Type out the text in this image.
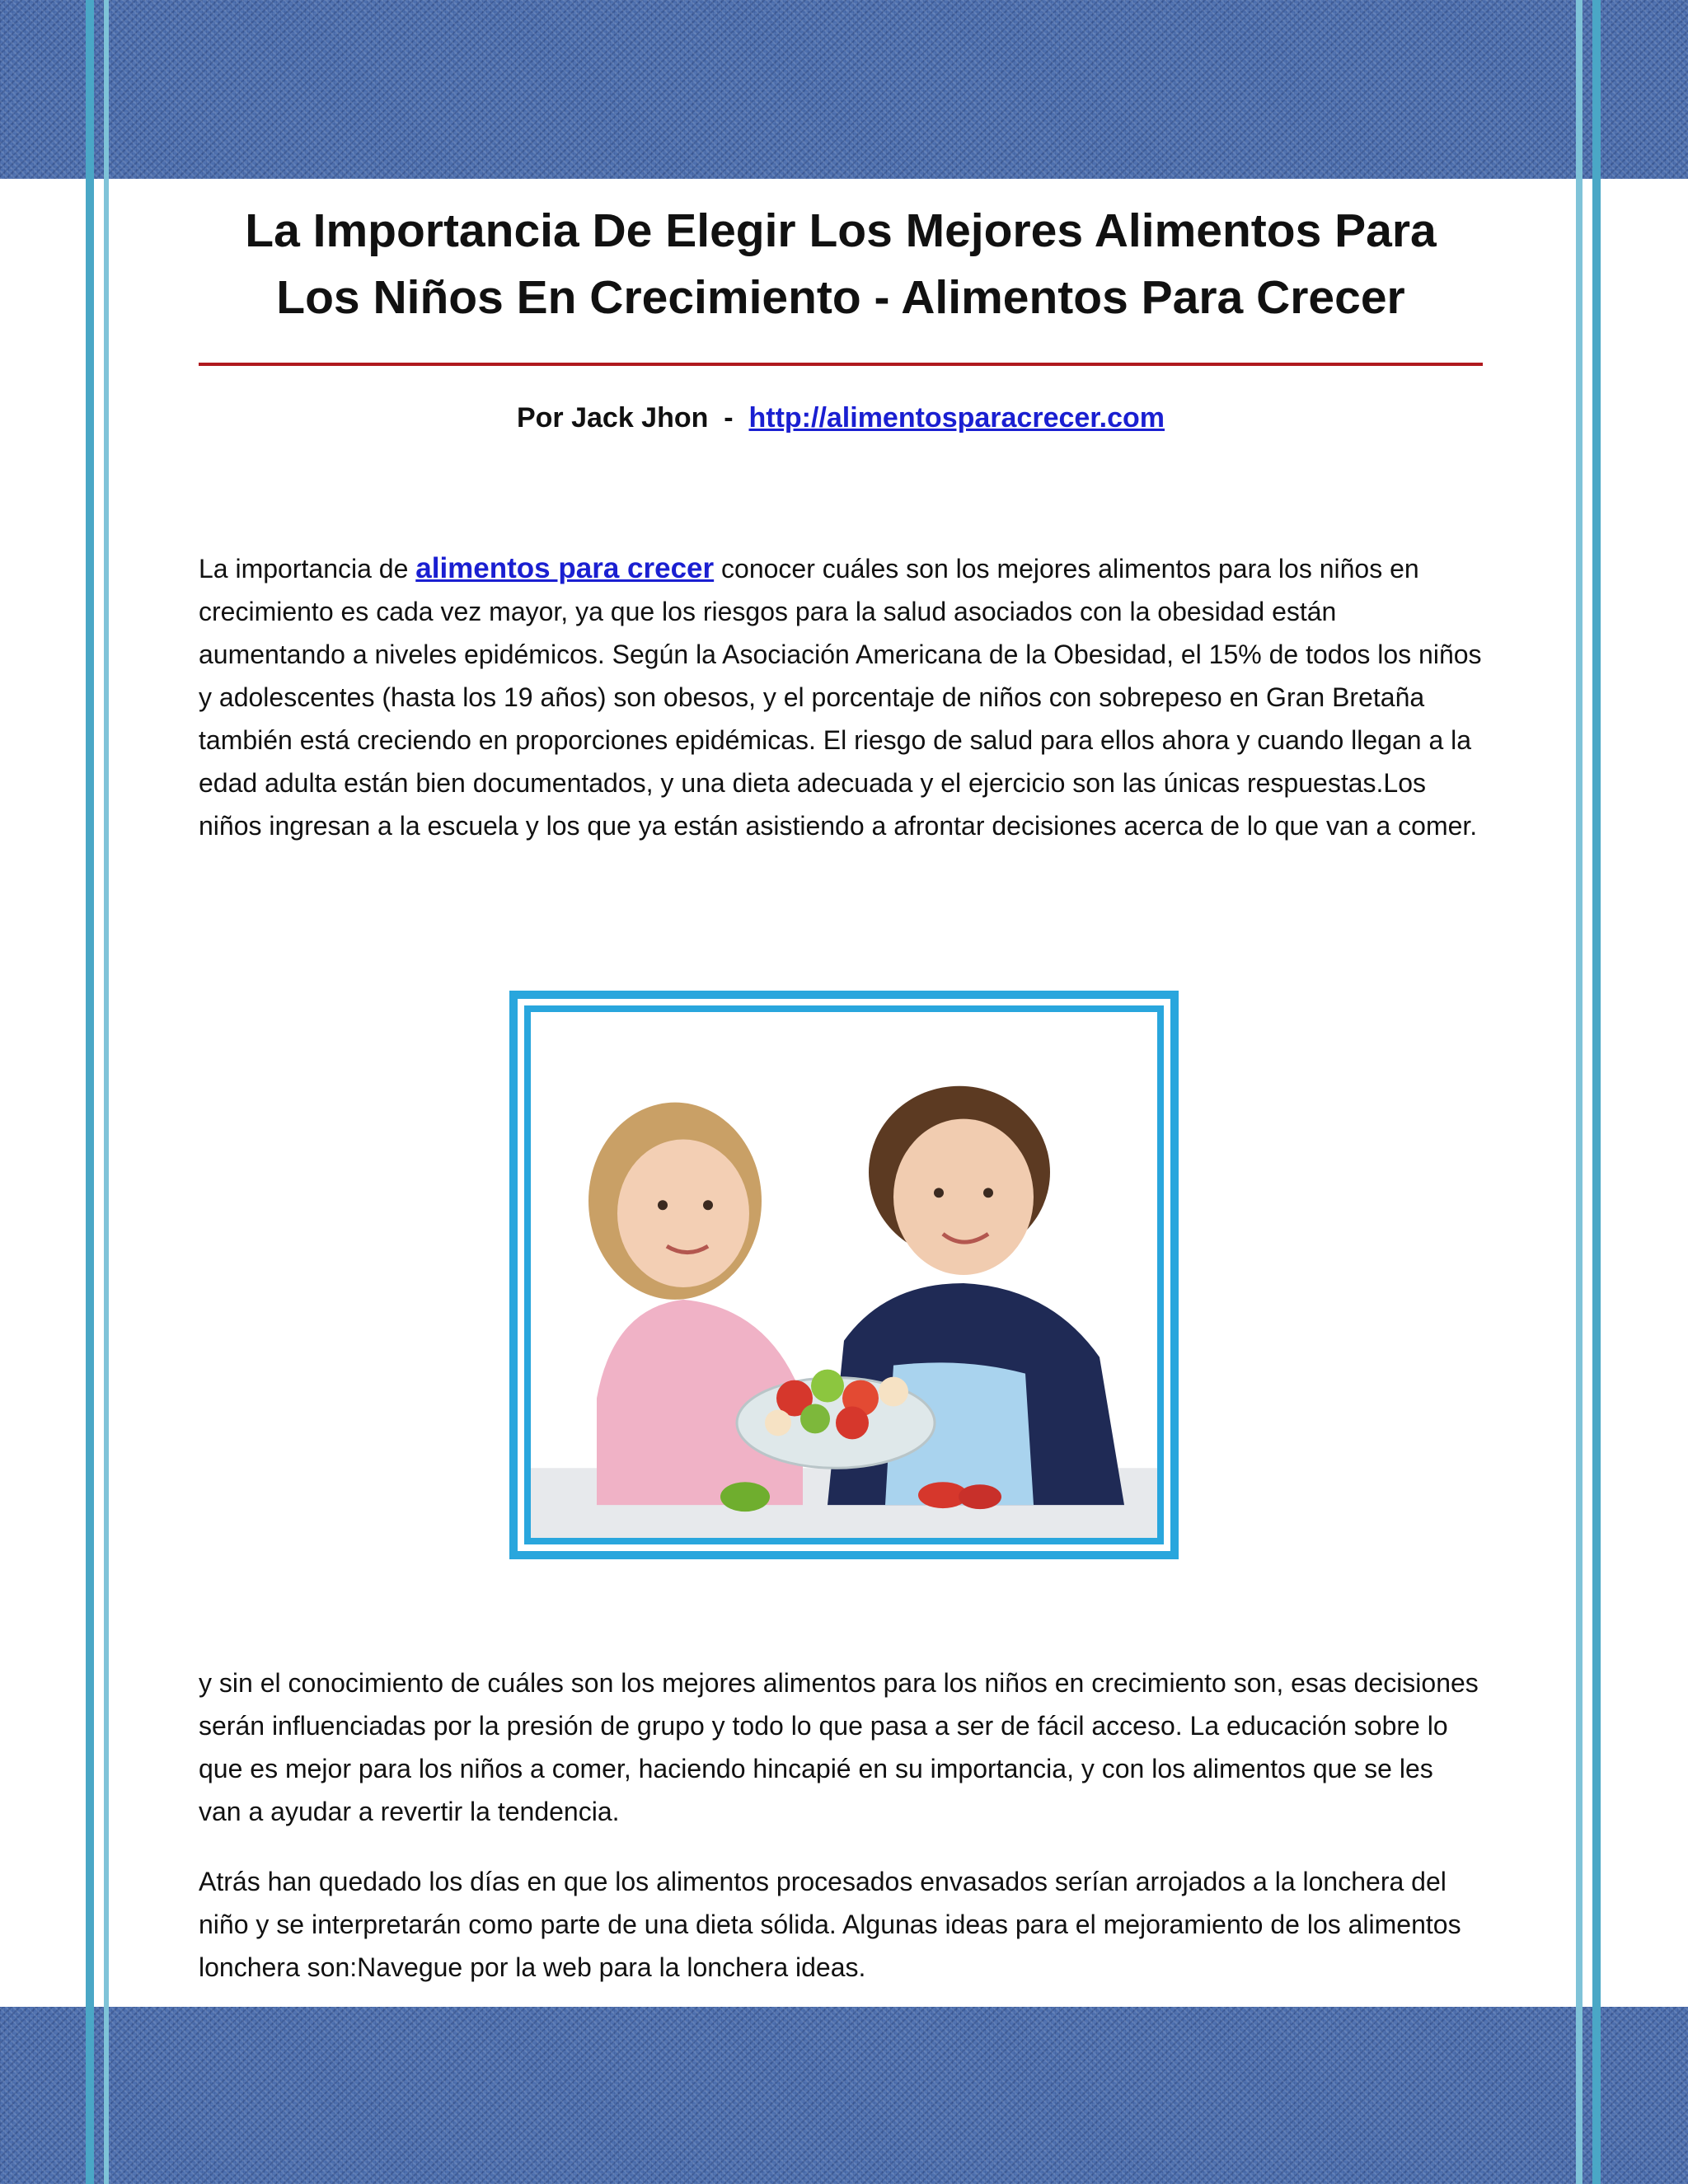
La Importancia De Elegir Los Mejores Alimentos Para Los Niños En Crecimiento - Alimentos Para Crecer
Por Jack Jhon  -  http://alimentosparacrecer.com

La importancia de alimentos para crecer conocer cuáles son los mejores alimentos para los niños en crecimiento es cada vez mayor, ya que los riesgos para la salud asociados con la obesidad están aumentando a niveles epidémicos. Según la Asociación Americana de la Obesidad, el 15% de todos los niños y adolescentes (hasta los 19 años) son obesos, y el porcentaje de niños con sobrepeso en Gran Bretaña también está creciendo en proporciones epidémicas. El riesgo de salud para ellos ahora y cuando llegan a la edad adulta están bien documentados, y una dieta adecuada y el ejercicio son las únicas respuestas.Los niños ingresan a la escuela y los que ya están asistiendo a afrontar decisiones acerca de lo que van a comer.

y sin el conocimiento de cuáles son los mejores alimentos para los niños en crecimiento son, esas decisiones serán influenciadas por la presión de grupo y todo lo que pasa a ser de fácil acceso. La educación sobre lo que es mejor para los niños a comer, haciendo hincapié en su importancia, y con los alimentos que se les van a ayudar a revertir la tendencia.

Atrás han quedado los días en que los alimentos procesados envasados serían arrojados a la lonchera del niño y se interpretarán como parte de una dieta sólida. Algunas ideas para el mejoramiento de los alimentos lonchera son:Navegue por la web para la lonchera ideas.
